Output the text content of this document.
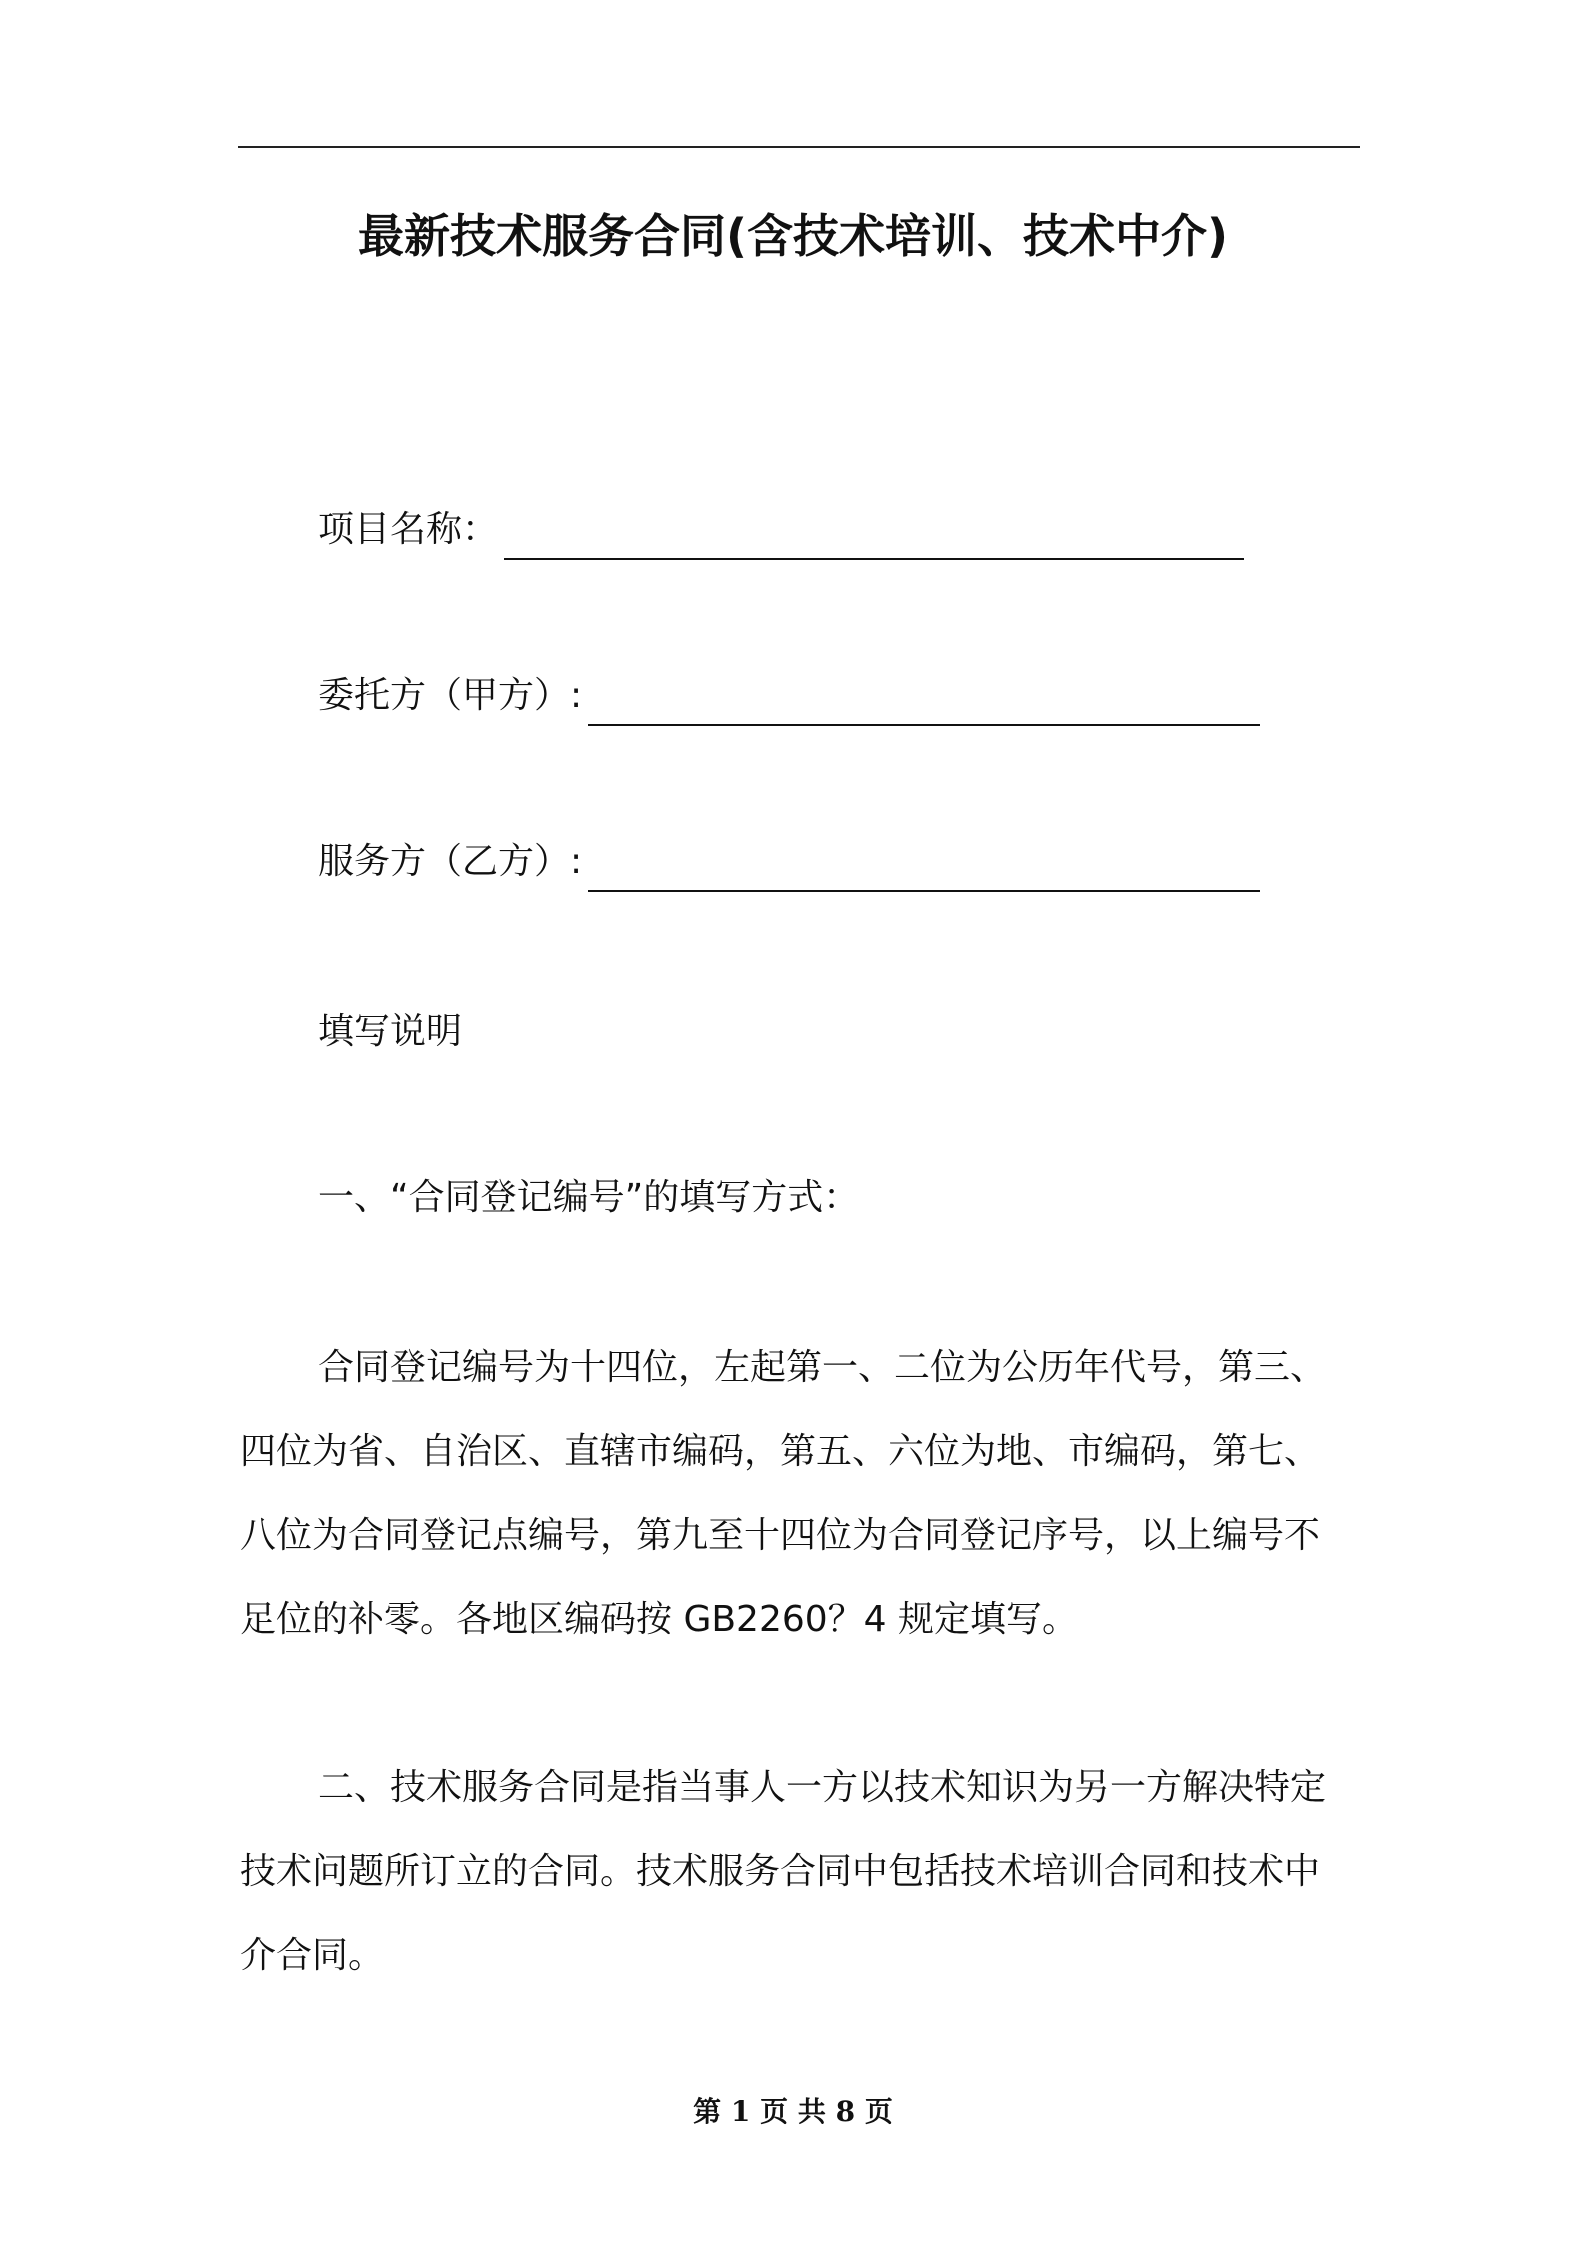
最新技术服务合同(含技术培训、技术中介)
项目名称：
委托方（甲方）:
服务方（乙方）:
填写说明
一、“合同登记编号”的填写方式：
合同登记编号为十四位，左起第一、二位为公历年代号，第三、
四位为省、自治区、直辖市编码，第五、六位为地、市编码，第七、
八位为合同登记点编号，第九至十四位为合同登记序号，以上编号不
足位的补零。各地区编码按 GB2260？4 规定填写。
二、技术服务合同是指当事人一方以技术知识为另一方解决特定
技术问题所订立的合同。技术服务合同中包括技术培训合同和技术中
介合同。
第 1 页 共 8 页
